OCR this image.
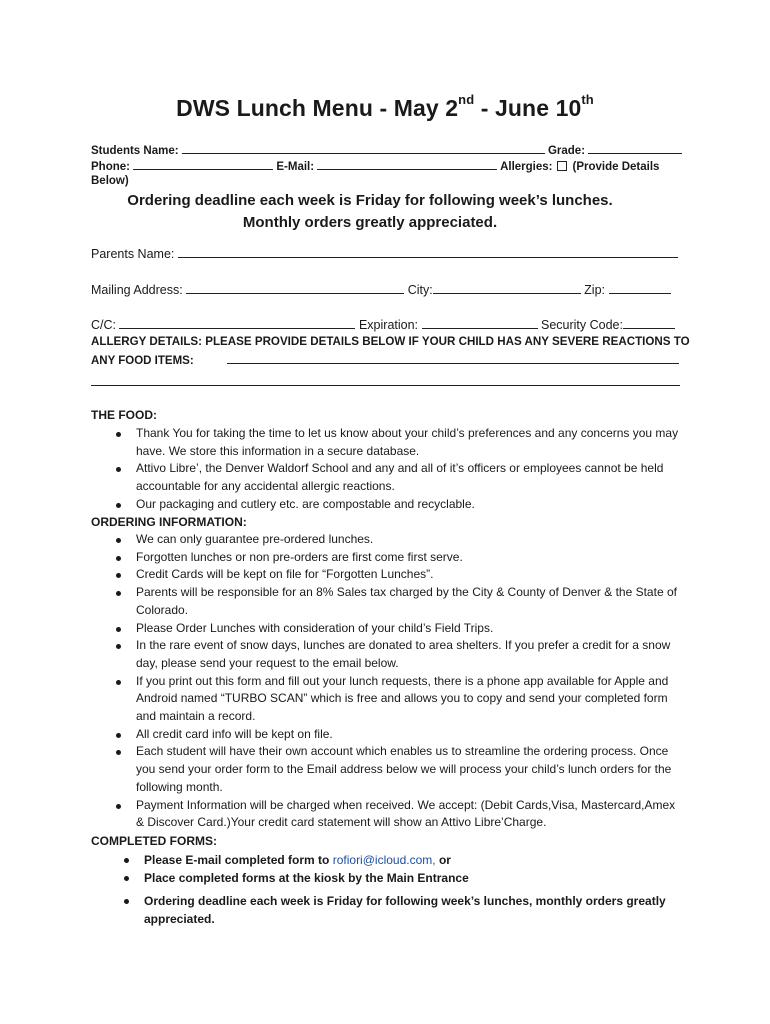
DWS Lunch Menu - May 2nd - June 10th
Students Name:	Grade:
Phone:	E-Mail:	Allergies: (Provide Details
Below)
Ordering deadline each week is Friday for following week’s lunches.
Monthly orders greatly appreciated.
Parents Name:
Mailing Address:	City:	Zip:
C/C:	Expiration:	Security Code:
ALLERGY DETAILS: PLEASE PROVIDE DETAILS BELOW IF YOUR CHILD HAS ANY SEVERE REACTIONS TO
ANY FOOD ITEMS:
THE FOOD:
Thank You for taking the time to let us know about your child’s preferences and any concerns you may have. We store this information in a secure database.
Attivo Libre’, the Denver Waldorf School and any and all of it’s officers or employees cannot be held accountable for any accidental allergic reactions.
Our packaging and cutlery etc. are compostable and recyclable.
ORDERING INFORMATION:
We can only guarantee pre-ordered lunches.
Forgotten lunches or non pre-orders are first come first serve.
Credit Cards will be kept on file for “Forgotten Lunches”.
Parents will be responsible for an 8% Sales tax charged by the City & County of Denver & the State of Colorado.
Please Order Lunches with consideration of your child’s Field Trips.
In the rare event of snow days, lunches are donated to area shelters. If you prefer a credit for a snow day, please send your request to the email below.
If you print out this form and fill out your lunch requests, there is a phone app available for Apple and Android named “TURBO SCAN” which is free and allows you to copy and send your completed form and maintain a record.
All credit card info will be kept on file.
Each student will have their own account which enables us to streamline the ordering process. Once you send your order form to the Email address below we will process your child’s lunch orders for the following month.
Payment Information will be charged when received. We accept: (Debit Cards,Visa, Mastercard,Amex & Discover Card.)Your credit card statement will show an Attivo Libre’Charge.
COMPLETED FORMS:
Please E-mail completed form to rofiori@icloud.com, or
Place completed forms at the kiosk by the Main Entrance
Ordering deadline each week is Friday for following week’s lunches, monthly orders greatly appreciated.
